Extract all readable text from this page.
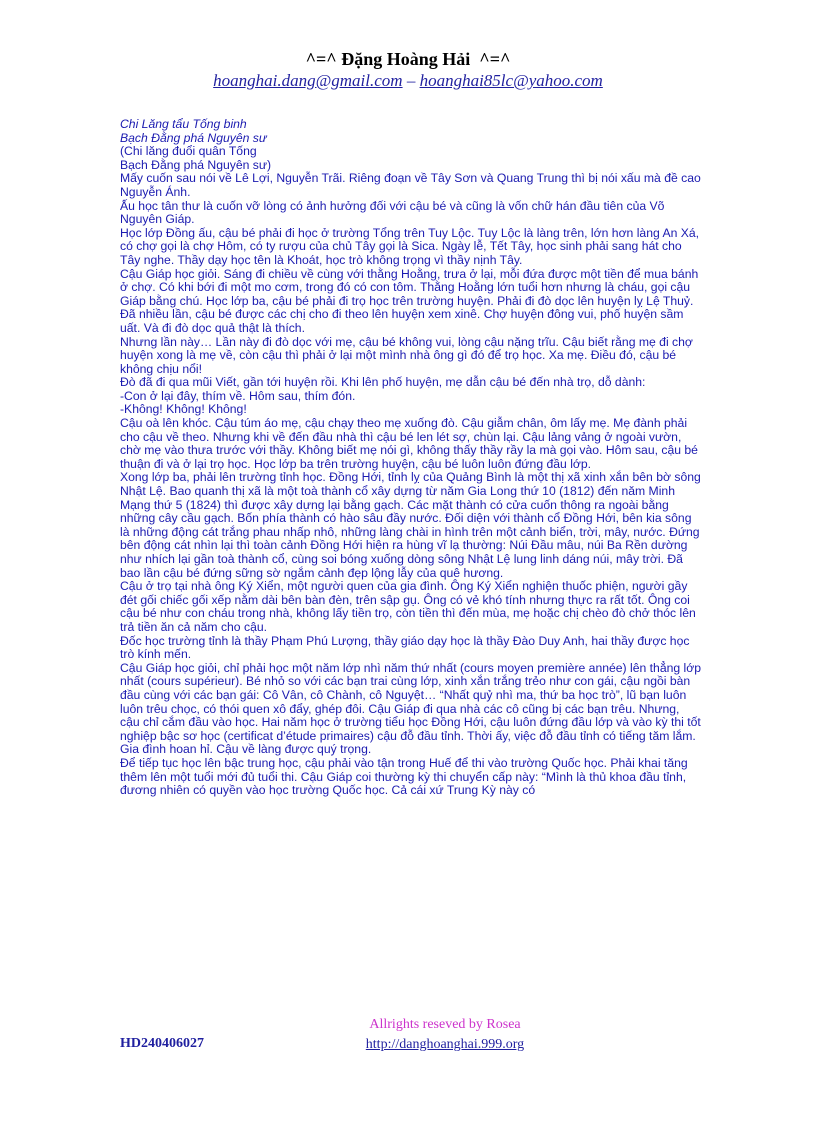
^=^ Đặng Hoàng Hải  ^=^
hoanghai.dang@gmail.com – hoanghai85lc@yahoo.com

Chi Lăng tẩu Tống binh

Bạch Đằng phá Nguyên sư

(Chi lăng đuổi quân Tống

Bạch Đằng phá Nguyên sư)

Mấy cuốn sau nói về Lê Lợi, Nguyễn Trãi. Riêng đoạn về Tây Sơn và Quang Trung thì bị nói xấu mà đề cao Nguyễn Ánh.

Ấu học tân thư là cuốn vỡ lòng có ảnh hưởng đối với cậu bé và cũng là vốn chữ hán đầu tiên của Võ Nguyên Giáp.

Học lớp Đồng ấu, cậu bé phải đi học ở trường Tổng trên Tuy Lộc. Tuy Lộc là làng trên, lớn hơn làng An Xá, có chợ gọi là chợ Hôm, có ty rượu của chủ Tây gọi là Sica. Ngày lễ, Tết Tây, học sinh phải sang hát cho Tây nghe. Thầy dạy học tên là Khoát, học trò không trọng vì thầy nịnh Tây.

Cậu Giáp học giỏi. Sáng đi chiều về cùng với thằng Hoằng, trưa ở lại, mỗi đứa được một tiền để mua bánh ở chợ. Có khi bới đi một mo cơm, trong đó có con tôm. Thằng Hoằng lớn tuổi hơn nhưng là cháu, gọi cậu Giáp bằng chú. Học lớp ba, cậu bé phải đi trọ học trên trường huyện. Phải đi đò dọc lên huyện lỵ Lệ Thuỷ. Đã nhiều lần, cậu bé được các chị cho đi theo lên huyện xem xinê. Chợ huyện đông vui, phố huyện sầm uất. Và đi đò dọc quả thật là thích.

Nhưng lần này… Lần này đi đò dọc với mẹ, cậu bé không vui, lòng cậu nặng trĩu. Cậu biết rằng mẹ đi chợ huyện xong là mẹ về, còn cậu thì phải ở lại một mình nhà ông gì đó để trọ học. Xa mẹ. Điều đó, cậu bé không chịu nổi!

Đò đã đi qua mũi Viết, gần tới huyện rồi. Khi lên phố huyện, mẹ dẫn cậu bé đến nhà trọ, dỗ dành:

-Con ở lại đây, thím về. Hôm sau, thím đón.

-Không! Không! Không!

Cậu oà lên khóc. Cậu túm áo mẹ, cậu chạy theo mẹ xuống đò. Cậu giẫm chân, ôm lấy mẹ. Mẹ đành phải cho cậu về theo. Nhưng khi về đến đầu nhà thì cậu bé len lét sợ, chùn lại. Cậu lảng vảng ở ngoài vườn, chờ mẹ vào thưa trước với thầy. Không biết mẹ nói gì, không thấy thầy rầy la mà gọi vào. Hôm sau, cậu bé thuận đi và ở lại trọ học. Học lớp ba trên trường huyện, cậu bé luôn luôn đứng đầu lớp.

Xong lớp ba, phải lên trường tỉnh học. Đồng Hới, tỉnh lỵ của Quảng Bình là một thị xã xinh xắn bên bờ sông Nhật Lệ. Bao quanh thị xã là một toà thành cổ xây dựng từ năm Gia Long thứ 10 (1812) đến năm Minh Mạng thứ 5 (1824) thì được xây dựng lại bằng gạch. Các mặt thành có cửa cuốn thông ra ngoài bằng những cây cầu gạch. Bốn phía thành có hào sâu đầy nước. Đối diện với thành cổ Đồng Hới, bên kia sông là những động cát trắng phau nhấp nhô, những làng chài in hình trên một cảnh biển, trời, mây, nước. Đứng bên động cát nhìn lại thì toàn cảnh Đồng Hới hiện ra hùng vĩ lạ thường: Núi Đầu mâu, núi Ba Rền dường như nhích lại gần toà thành cổ, cùng soi bóng xuống dòng sông Nhật Lệ lung linh dáng núi, mây trời. Đã bao lần cậu bé đứng sững sờ ngắm cảnh đẹp lộng lẫy của quê hương.

Cậu ở trọ tại nhà ông Ký Xiển, một người quen của gia đình. Ông Ký Xiển nghiện thuốc phiện, người gầy đét gối chiếc gối xếp nằm dài bên bàn đèn, trên sập gụ. Ông có vẻ khó tính nhưng thực ra rất tốt. Ông coi cậu bé như con cháu trong nhà, không lấy tiền trọ, còn tiền thì đến mùa, mẹ hoặc chị chèo đò chở thóc lên trả tiền ăn cả năm cho cậu.

Đốc học trường tỉnh là thầy Phạm Phú Lượng, thầy giáo dạy học là thầy Đào Duy Anh, hai thầy được học trò kính mến.

Cậu Giáp học giỏi, chỉ phải học một năm lớp nhì năm thứ nhất (cours moyen première année) lên thẳng lớp nhất (cours supérieur). Bé nhỏ so với các bạn trai cùng lớp, xinh xắn trắng trẻo như con gái, cậu ngồi bàn đầu cùng với các bạn gái: Cô Vân, cô Chành, cô Nguyệt… “Nhất quỷ nhì ma, thứ ba học trò”, lũ bạn luôn luôn trêu chọc, có thói quen xô đẩy, ghép đôi. Cậu Giáp đi qua nhà các cô cũng bị các bạn trêu. Nhưng, cậu chỉ cắm đầu vào học. Hai năm học ở trường tiểu học Đồng Hới, cậu luôn đứng đầu lớp và vào kỳ thi tốt nghiệp bậc sơ học (certificat d’étude primaires) cậu đỗ đầu tỉnh. Thời ấy, việc đỗ đầu tỉnh có tiếng tăm lắm. Gia đình hoan hỉ. Cậu về làng được quý trọng.

Để tiếp tục học lên bậc trung học, cậu phải vào tận trong Huế để thi vào trường Quốc học. Phải khai tăng thêm lên một tuổi mới đủ tuổi thi. Cậu Giáp coi thường kỳ thi chuyển cấp này: “Mình là thủ khoa đầu tỉnh, đương nhiên có quyền vào học trường Quốc học. Cả cái xứ Trung Kỳ này có

HD240406027
Allrights reseved by Rosea
http://danghoanghai.999.org
